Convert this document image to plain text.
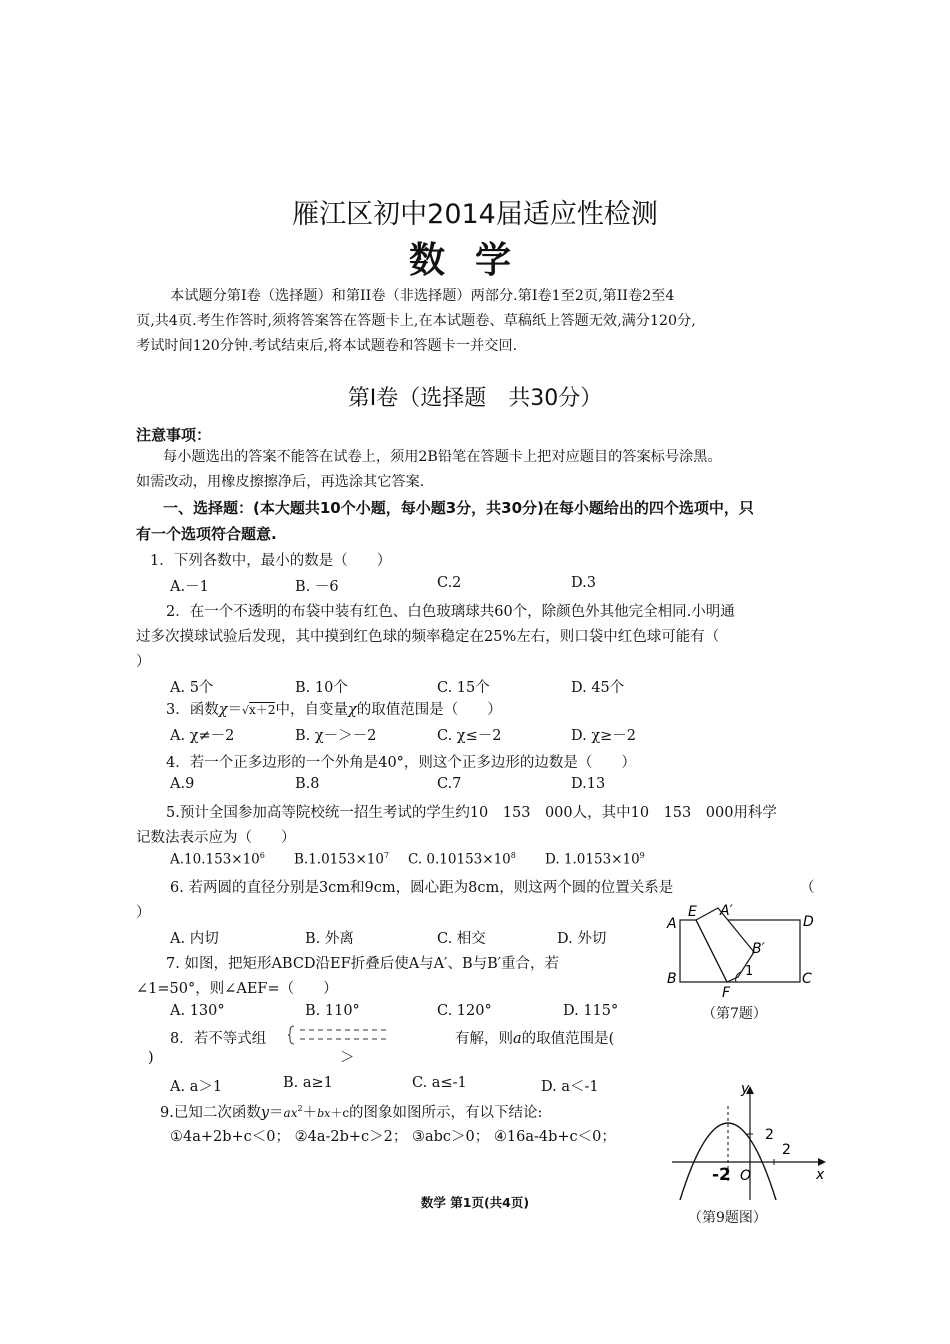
雁江区初中2014届适应性检测
数学
本试题分第Ⅰ卷（选择题）和第II卷（非选择题）两部分.第Ⅰ卷1至2页,第II卷2至4
页,共4页.考生作答时,须将答案答在答题卡上,在本试题卷、草稿纸上答题无效,满分120分,
考试时间120分钟.考试结束后,将本试题卷和答题卡一并交回.
第Ⅰ卷（选择题　共30分）
注意事项：
每小题选出的答案不能答在试卷上，须用2B铅笔在答题卡上把对应题目的答案标号涂黑。
如需改动，用橡皮擦擦净后，再选涂其它答案.
一、选择题：(本大题共10个小题，每小题3分，共30分)在每小题给出的四个选项中，只
有一个选项符合题意.
1．下列各数中，最小的数是（　　）
A.－1	B. －6	C.2	D.3
2．在一个不透明的布袋中装有红色、白色玻璃球共60个，除颜色外其他完全相同.小明通
过多次摸球试验后发现，其中摸到红色球的频率稳定在25%左右，则口袋中红色球可能有（
）
A. 5个	B. 10个	C. 15个	D. 45个
3．函数χ＝√x＋2中，自变量χ的取值范围是（　　）
A. χ≠－2	B. χ－＞－2	C. χ≤－2	D. χ≥－2
4．若一个正多边形的一个外角是40°，则这个正多边形的边数是（　　）
A.9	B.8	C.7	D.13
5.预计全国参加高等院校统一招生考试的学生约10　153　000人，其中10　153　000用科学
记数法表示应为（　　）
$A.10.153\times 10^6$ $B.1.0153\times 10^7$ C. $0.10153\times 10^8$ D. $1.0153\times 10^9$
6. 若两圆的直径分别是3cm和9cm，圆心距为8cm，则这两个圆的位置关系是	（
）
A. 内切	B. 外离	C. 相交	D. 外切
7. 如图，把矩形ABCD沿EF折叠后使A与A′、B与B′重合，若
∠1=50°，则∠AEF=（　　）
A. 130°	B. 110°	C. 120°	D. 115°
8．若不等式组
＞
有解，则a的取值范围是(
)
A. a＞1	B. a≥1	C. a≤-1	D. a＜-1
9.已知二次函数$y=ax^2+bx+c$的图象如图所示，有以下结论:
①4a+2b+c＜0； ②4a-2b+c＞2； ③abc＞0； ④16a-4b+c＜0；
A
E A′
D
B′
1
B
F
C
（第7题）
y
x
2
2
-2 O
（第9题图）
数学 第1页(共4页)
